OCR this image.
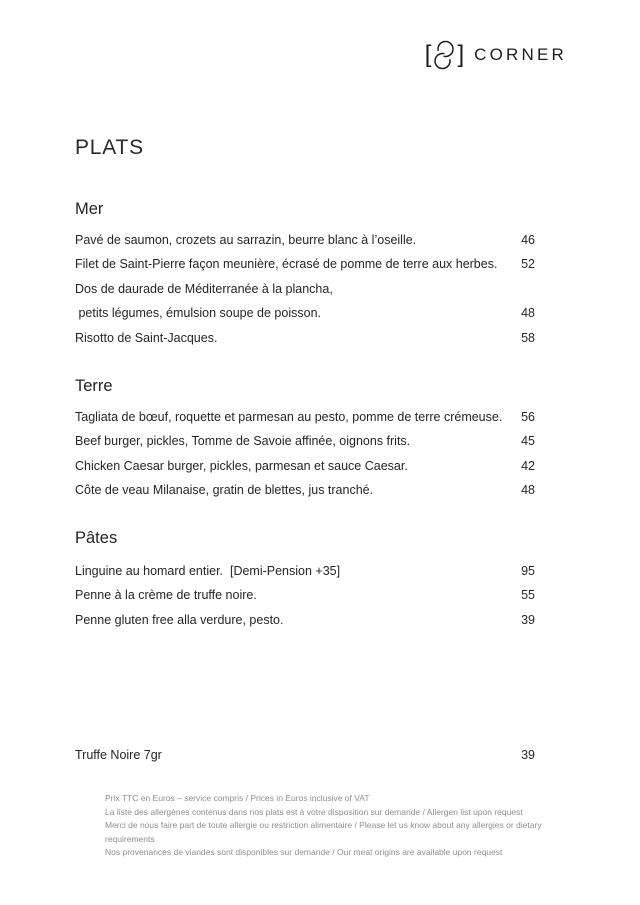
[ ] CORNER
PLATS
Mer
Pavé de saumon, crozets au sarrazin, beurre blanc à l’oseille.	46
Filet de Saint-Pierre façon meunière, écrasé de pomme de terre aux herbes.	52
Dos de daurade de Méditerranée à la plancha,
petits légumes, émulsion soupe de poisson.	48
Risotto de Saint-Jacques.	58
Terre
Tagliata de bœuf, roquette et parmesan au pesto, pomme de terre crémeuse.	56
Beef burger, pickles, Tomme de Savoie affinée, oignons frits.	45
Chicken Caesar burger, pickles, parmesan et sauce Caesar.	42
Côte de veau Milanaise, gratin de blettes, jus tranché.	48
Pâtes
Linguine au homard entier.  [Demi-Pension +35]	95
Penne à la crème de truffe noire.	55
Penne gluten free alla verdure, pesto.	39
Truffe Noire 7gr	39

Prix TTC en Euros – service compris / Prices in Euros inclusive of VAT

La liste des allergènes contenus dans nos plats est à votre disposition sur demande / Allergen list upon request

Merci de nous faire part de toute allergie ou restriction alimentaire / Please let us know about any allergies or dietary requirements

Nos provenances de viandes sont disponibles sur demande / Our meat origins are available upon request
